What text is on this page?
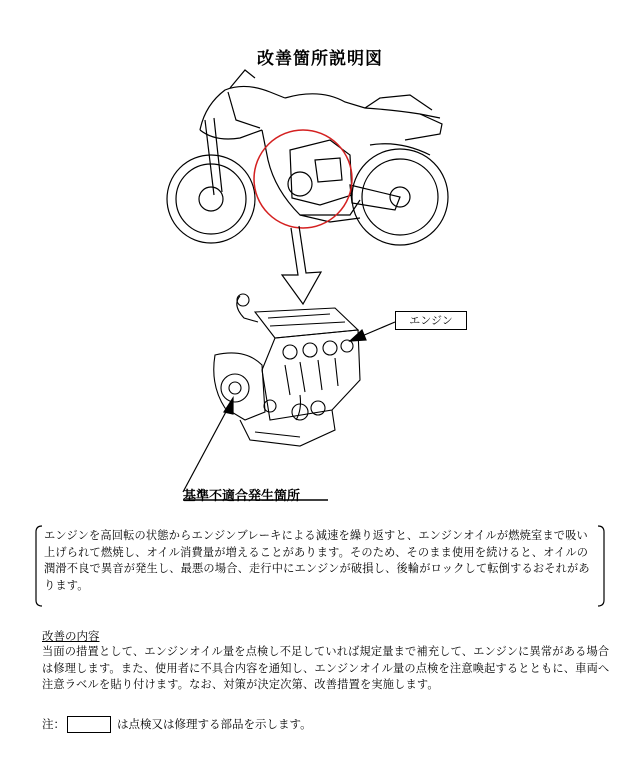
改善箇所説明図
エンジン
基準不適合発生箇所
エンジンを高回転の状態からエンジンブレーキによる減速を繰り返すと、エンジンオイルが燃焼室まで吸い上げられて燃焼し、オイル消費量が増えることがあります。そのため、そのまま使用を続けると、オイルの潤滑不良で異音が発生し、最悪の場合、走行中にエンジンが破損し、後輪がロックして転倒するおそれがあります。
改善の内容
当面の措置として、エンジンオイル量を点検し不足していれば規定量まで補充して、エンジンに異常がある場合は修理します。また、使用者に不具合内容を通知し、エンジンオイル量の点検を注意喚起するとともに、車両へ注意ラベルを貼り付けます。なお、対策が決定次第、改善措置を実施します。
注：	は点検又は修理する部品を示します。
